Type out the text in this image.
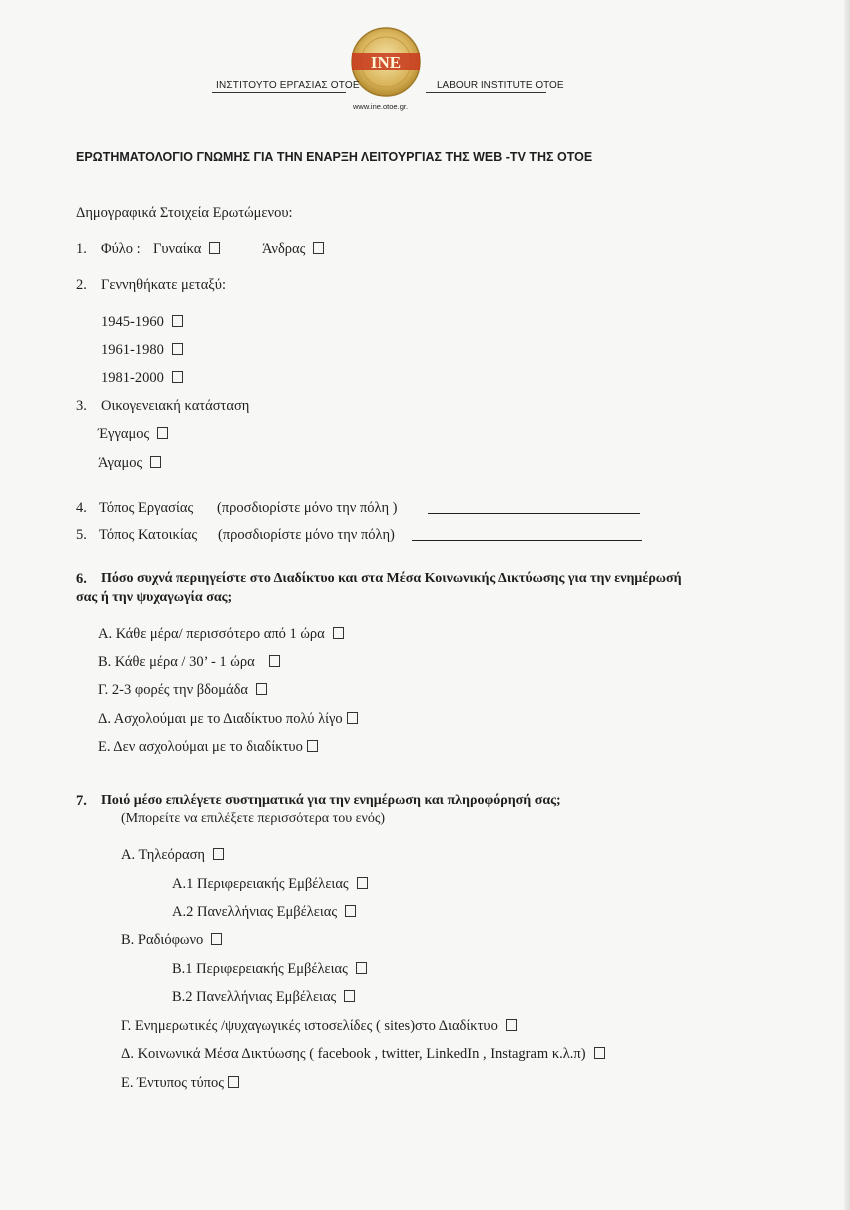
INE
ΙΝΣΤΙΤΟΥΤΟ ΕΡΓΑΣΙΑΣ ΟΤΟΕ	LABOUR INSTITUTE OTOE
www.ine.otoe.gr.
ΕΡΩΤΗΜΑΤΟΛΟΓΙΟ ΓΝΩΜΗΣ ΓΙΑ ΤΗΝ ΕΝΑΡΞΗ ΛΕΙΤΟΥΡΓΙΑΣ ΤΗΣ WEB -TV ΤΗΣ ΟΤΟΕ
Δημογραφικά Στοιχεία Ερωτώμενου:
1. Φύλο : Γυναίκα	Άνδρας
2. Γεννηθήκατε μεταξύ:
1945-1960
1961-1980
1981-2000
3. Οικογενειακή κατάσταση
Έγγαμος
Άγαμος
4. Τόπος Εργασίας (προσδιορίστε μόνο την πόλη )
5. Τόπος Κατοικίας (προσδιορίστε μόνο την πόλη)
6. Πόσο συχνά περιηγείστε στο Διαδίκτυο και στα Μέσα Κοινωνικής Δικτύωσης για την ενημέρωσή
σας ή την ψυχαγωγία σας;
Α. Κάθε μέρα/ περισσότερο από 1 ώρα
Β. Κάθε μέρα / 30’ - 1 ώρα
Γ. 2-3 φορές την βδομάδα
Δ. Ασχολούμαι με το Διαδίκτυο πολύ λίγο
Ε. Δεν ασχολούμαι με το διαδίκτυο
7. Ποιό μέσο επιλέγετε συστηματικά για την ενημέρωση και πληροφόρησή σας;
(Μπορείτε να επιλέξετε περισσότερα του ενός)
Α. Τηλεόραση
Α.1 Περιφερειακής Εμβέλειας
Α.2 Πανελλήνιας Εμβέλειας
Β. Ραδιόφωνο
Β.1 Περιφερειακής Εμβέλειας
Β.2 Πανελλήνιας Εμβέλειας
Γ. Ενημερωτικές /ψυχαγωγικές ιστοσελίδες ( sites)στο Διαδίκτυο
Δ. Κοινωνικά Μέσα Δικτύωσης ( facebook , twitter, LinkedIn , Instagram κ.λ.π)
Ε. Έντυπος τύπος
